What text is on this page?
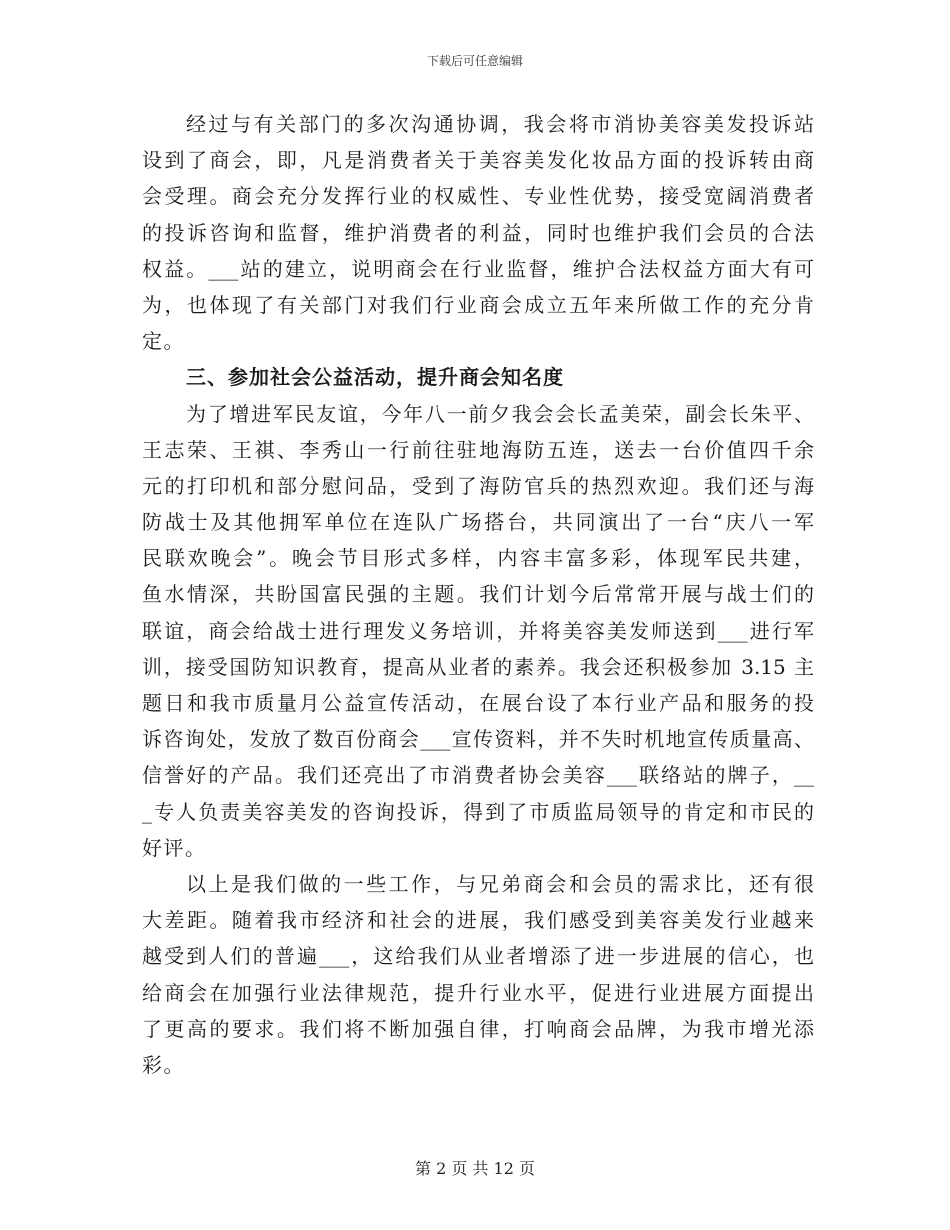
下载后可任意编辑
经过与有关部门的多次沟通协调，我会将市消协美容美发投诉站
设到了商会，即，凡是消费者关于美容美发化妆品方面的投诉转由商
会受理。商会充分发挥行业的权威性、专业性优势，接受宽阔消费者
的投诉咨询和监督，维护消费者的利益，同时也维护我们会员的合法
权益。___站的建立，说明商会在行业监督，维护合法权益方面大有可
为，也体现了有关部门对我们行业商会成立五年来所做工作的充分肯
定。
三、参加社会公益活动，提升商会知名度
为了增进军民友谊，今年八一前夕我会会长孟美荣，副会长朱平、
王志荣、王祺、李秀山一行前往驻地海防五连，送去一台价值四千余
元的打印机和部分慰问品，受到了海防官兵的热烈欢迎。我们还与海
防战士及其他拥军单位在连队广场搭台，共同演出了一台“庆八一军
民联欢晚会”。晚会节目形式多样，内容丰富多彩，体现军民共建，
鱼水情深，共盼国富民强的主题。我们计划今后常常开展与战士们的
联谊，商会给战士进行理发义务培训，并将美容美发师送到___进行军
训，接受国防知识教育，提高从业者的素养。我会还积极参加 3.15 主
题日和我市质量月公益宣传活动，在展台设了本行业产品和服务的投
诉咨询处，发放了数百份商会___宣传资料，并不失时机地宣传质量高、
信誉好的产品。我们还亮出了市消费者协会美容___联络站的牌子，__
_专人负责美容美发的咨询投诉，得到了市质监局领导的肯定和市民的
好评。
以上是我们做的一些工作，与兄弟商会和会员的需求比，还有很
大差距。随着我市经济和社会的进展，我们感受到美容美发行业越来
越受到人们的普遍___，这给我们从业者增添了进一步进展的信心，也
给商会在加强行业法律规范，提升行业水平，促进行业进展方面提出
了更高的要求。我们将不断加强自律，打响商会品牌，为我市增光添
彩。
第 2 页 共 12 页
